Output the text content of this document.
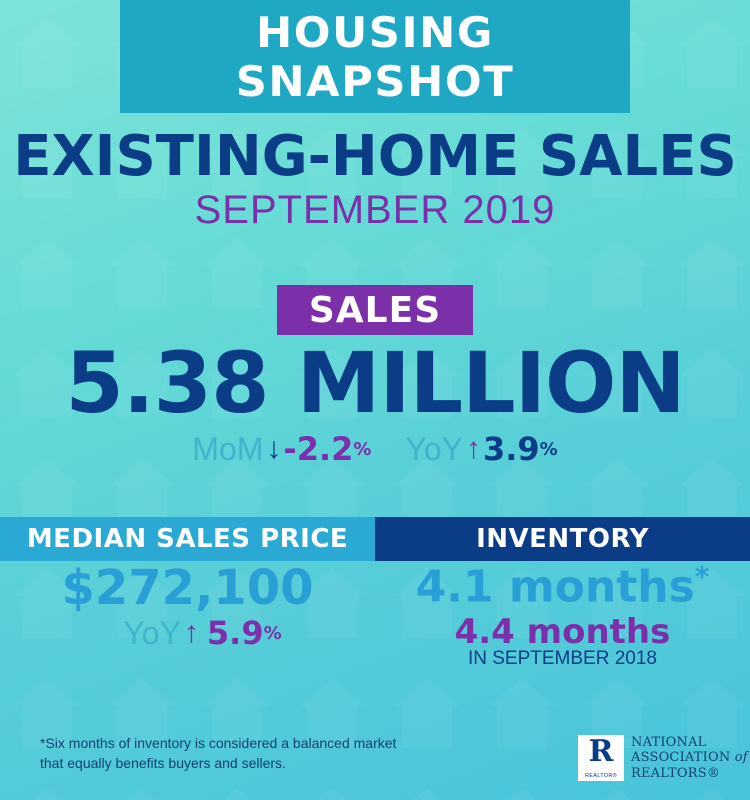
HOUSING SNAPSHOT
EXISTING-HOME SALES
SEPTEMBER 2019
SALES
5.38 MILLION
MoM ↓ -2.2 % YoY ↑ 3.9 %
MEDIAN SALES PRICE	INVENTORY
$272,100
YoY ↑ 5.9 %
4.1 months*
4.4 months
IN SEPTEMBER 2018
*Six months of inventory is considered a balanced market that equally benefits buyers and sellers.	R
REALTOR®
NATIONAL
ASSOCIATION of
REALTORS®
